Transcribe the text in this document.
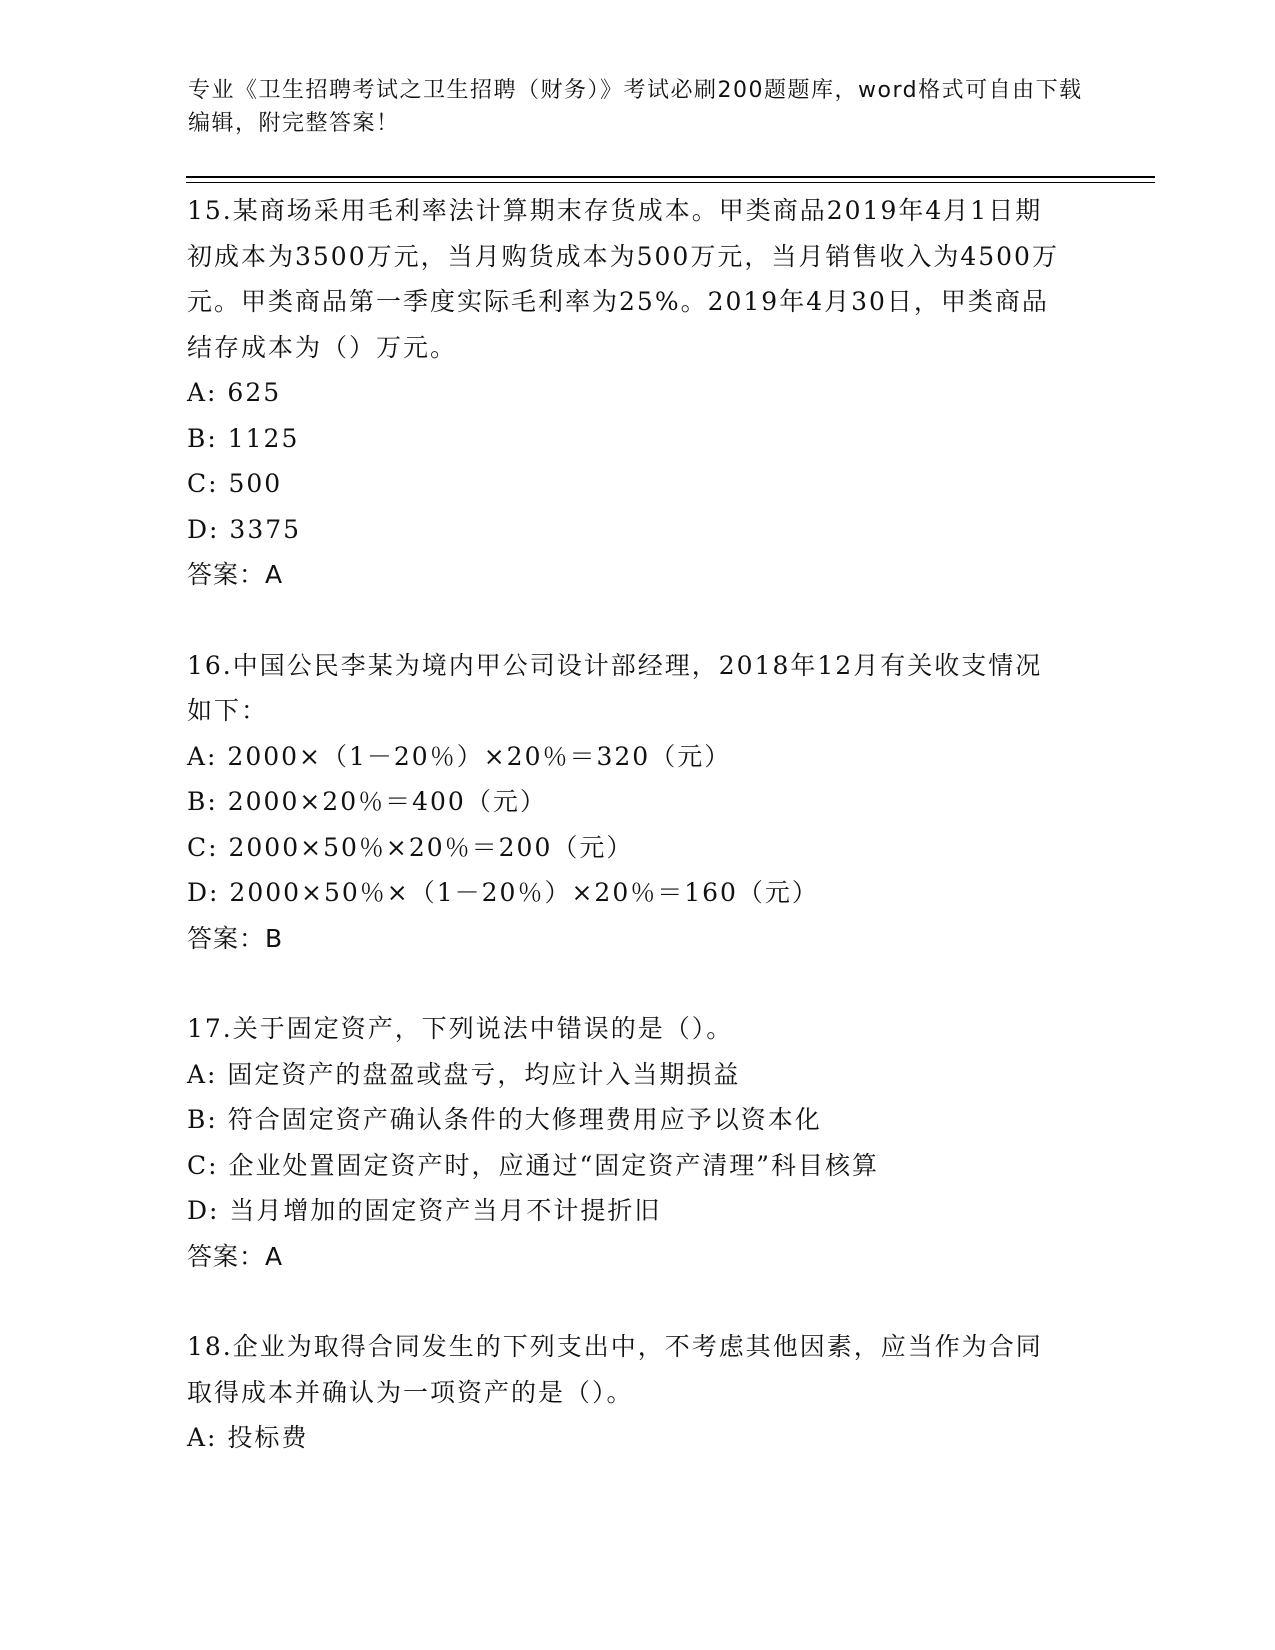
专业《卫生招聘考试之卫生招聘（财务）》考试必刷200题题库，word格式可自由下载编辑，附完整答案！
15.某商场采用毛利率法计算期末存货成本。甲类商品2019年4月1日期初成本为3500万元，当月购货成本为500万元，当月销售收入为4500万元。甲类商品第一季度实际毛利率为25%。2019年4月30日，甲类商品结存成本为（）万元。
A: 625
B: 1125
C: 500
D: 3375
答案：A
16.中国公民李某为境内甲公司设计部经理，2018年12月有关收支情况如下：
A: 2000×（1－20％）×20％＝320（元）
B: 2000×20％＝400（元）
C: 2000×50％×20％＝200（元）
D: 2000×50％×（1－20％）×20％＝160（元）
答案：B
17.关于固定资产，下列说法中错误的是（）。
A: 固定资产的盘盈或盘亏，均应计入当期损益
B: 符合固定资产确认条件的大修理费用应予以资本化
C: 企业处置固定资产时，应通过“固定资产清理”科目核算
D: 当月增加的固定资产当月不计提折旧
答案：A
18.企业为取得合同发生的下列支出中，不考虑其他因素，应当作为合同取得成本并确认为一项资产的是（）。
A: 投标费
